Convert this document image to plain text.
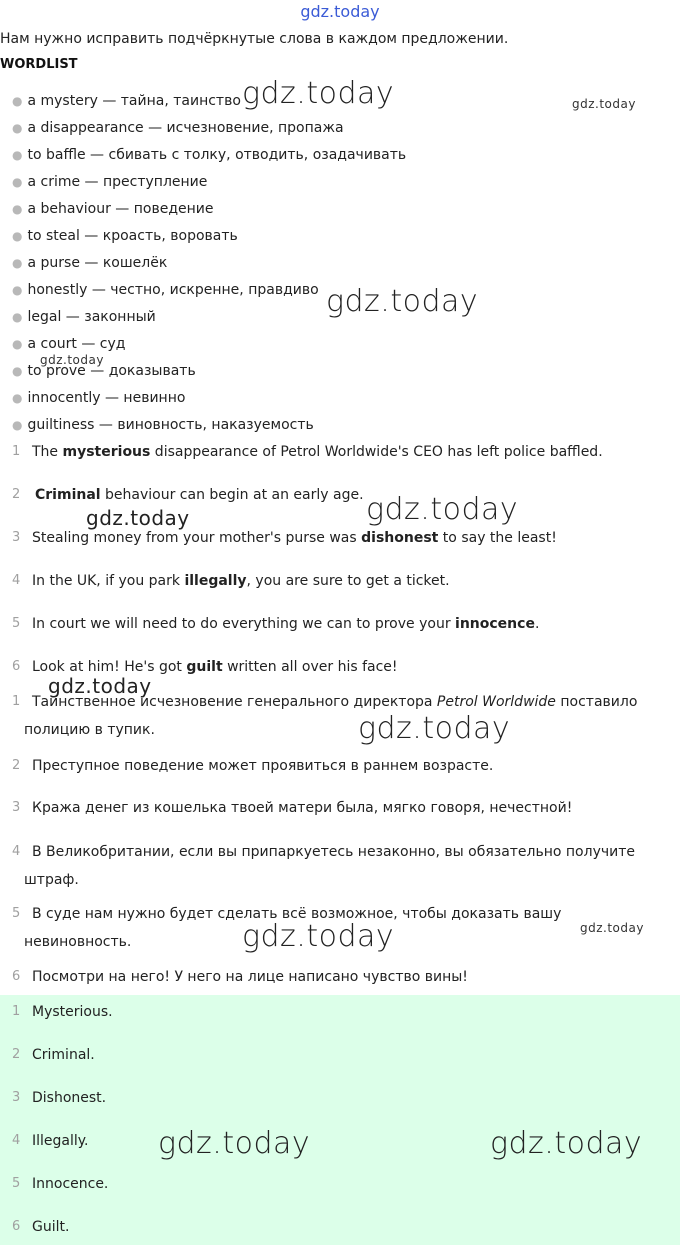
gdz.today
Нам нужно исправить подчёркнутые слова в каждом предложении.
WORDLIST
● a mystery — тайна, таинство
● a disappearance — исчезновение, пропажа
● to baffle — сбивать с толку, отводить, озадачивать
● a crime — преступление
● a behaviour — поведение
● to steal — кроасть, воровать
● a purse — кошелёк
● honestly — честно, искренне, правдиво
● legal — законный
● a court — суд
● to prove — доказывать
● innocently — невинно
● guiltiness — виновность, наказуемость
1 The mysterious disappearance of Petrol Worldwide's CEO has left police baffled.
2 Criminal behaviour can begin at an early age.
3 Stealing money from your mother's purse was dishonest to say the least!
4 In the UK, if you park illegally, you are sure to get a ticket.
5 In court we will need to do everything we can to prove your innocence.
6 Look at him! He's got guilt written all over his face!
1 Таинственное исчезновение генерального директора Petrol Worldwide поставило
полицию в тупик.
2 Преступное поведение может проявиться в раннем возрасте.
3 Кража денег из кошелька твоей матери была, мягко говоря, нечестной!
4 В Великобритании, если вы припаркуетесь незаконно, вы обязательно получите
штраф.
5 В суде нам нужно будет сделать всё возможное, чтобы доказать вашу
невиновность.
6 Посмотри на него! У него на лице написано чувство вины!
1 Mysterious.
2 Criminal.
3 Dishonest.
4 Illegally.
5 Innocence.
6 Guilt.
gdz.today	gdz.today
gdz.today
gdz.today
gdz.today
gdz.today
gdz.today
gdz.today
gdz.today	gdz.today
gdz.today	gdz.today
